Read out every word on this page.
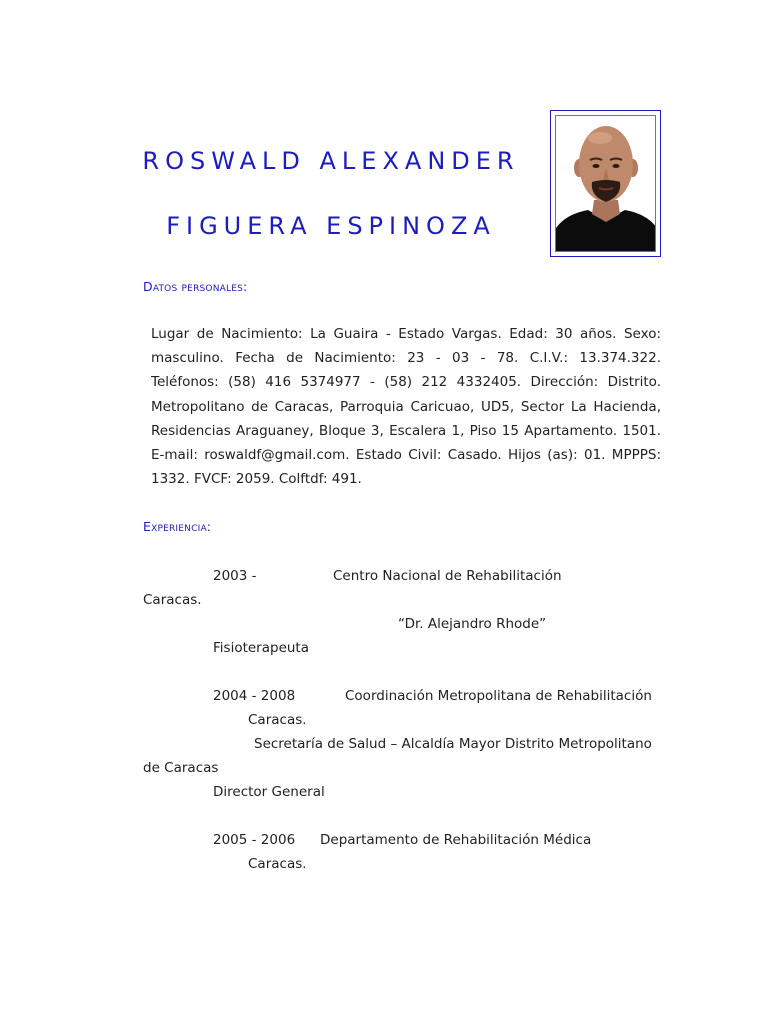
ROSWALD ALEXANDER
FIGUERA ESPINOZA
Datos personales:

Lugar de Nacimiento: La Guaira - Estado Vargas. Edad: 30 años. Sexo: masculino. Fecha de Nacimiento: 23 - 03 - 78. C.I.V.: 13.374.322. Teléfonos: (58) 416 5374977 - (58) 212 4332405. Dirección: Distrito. Metropolitano de Caracas, Parroquia Caricuao, UD5, Sector La Hacienda, Residencias Araguaney, Bloque 3, Escalera 1, Piso 15 Apartamento. 1501. E-mail: roswaldf@gmail.com. Estado Civil: Casado. Hijos (as): 01. MPPPS: 1332. FVCF: 2059. Colftdf: 491.

Experiencia:

2003 -	Centro Nacional de Rehabilitación

Caracas.

“Dr. Alejandro Rhode”

Fisioterapeuta

2004 - 2008	Coordinación Metropolitana de Rehabilitación

Caracas.

Secretaría de Salud – Alcaldía Mayor Distrito Metropolitano

de Caracas

Director General

2005 - 2006 Departamento de Rehabilitación Médica

Caracas.
